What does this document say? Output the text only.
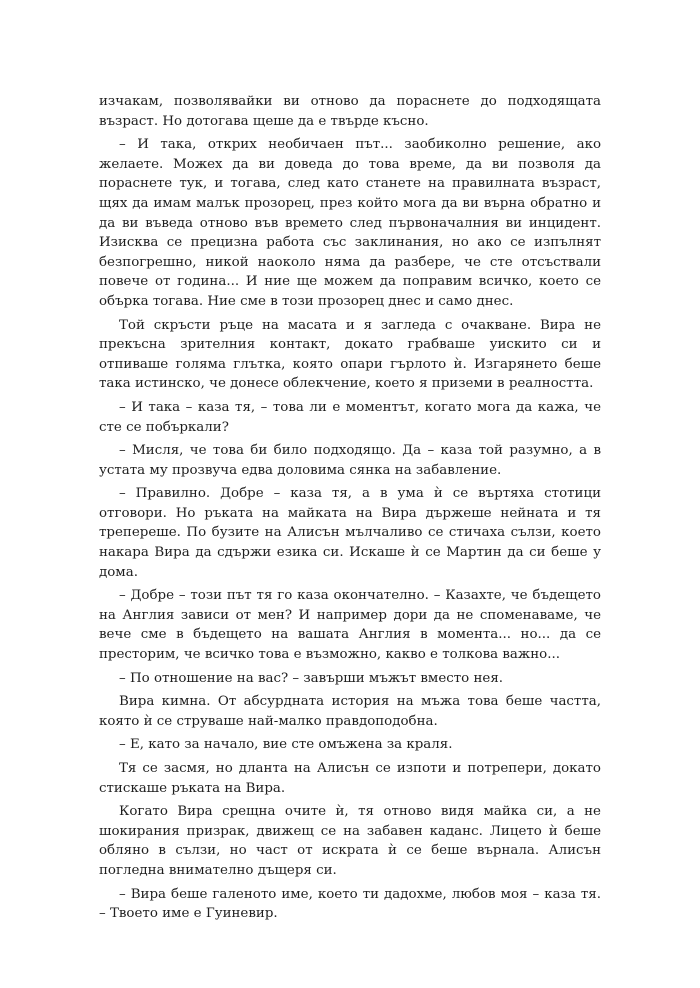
изчакам, позволявайки ви отново да пораснете до подходящата възраст. Но дотогава щеше да е твърде късно.

– И така, открих необичаен път... заобиколно решение, ако желаете. Можех да ви доведа до това време, да ви позволя да пораснете тук, и тогава, след като станете на правилната възраст, щях да имам малък прозорец, през който мога да ви върна обратно и да ви въведа отново във времето след първоначалния ви инцидент. Изисква се прецизна работа със заклинания, но ако се изпълнят безпогрешно, никой наоколо няма да разбере, че сте отсъствали повече от година... И ние ще можем да поправим всичко, което се обърка тогава. Ние сме в този прозорец днес и само днес.

Той скръсти ръце на масата и я загледа с очакване. Вира не прекъсна зрителния контакт, докато грабваше уискито си и отпиваше голяма глътка, която опари гърлото ѝ. Изгарянето беше така истинско, че донесе облекчение, което я приземи в реалността.

– И така – каза тя, – това ли е моментът, когато мога да кажа, че сте се побъркали?

– Мисля, че това би било подходящо. Да – каза той разумно, а в устата му прозвуча едва доловима сянка на забавление.

– Правилно. Добре – каза тя, а в ума ѝ се въртяха стотици отговори. Но ръката на майката на Вира държеше нейната и тя трепереше. По бузите на Алисън мълчаливо се стичаха сълзи, което накара Вира да сдържи езика си. Искаше ѝ се Мартин да си беше у дома.

– Добре – този път тя го каза окончателно. – Казахте, че бъдещето на Англия зависи от мен? И например дори да не споменаваме, че вече сме в бъдещето на вашата Англия в момента... но... да се престорим, че всичко това е възможно, какво е толкова важно...

– По отношение на вас? – завърши мъжът вместо нея.

Вира кимна. От абсурдната история на мъжа това беше частта, която ѝ се струваше най-малко правдоподобна.

– Е, като за начало, вие сте омъжена за краля.

Тя се засмя, но дланта на Алисън се изпоти и потрепери, докато стискаше ръката на Вира.

Когато Вира срещна очите ѝ, тя отново видя майка си, а не шокирания призрак, движещ се на забавен каданс. Лицето ѝ беше обляно в сълзи, но част от искрата ѝ се беше върнала. Алисън погледна внимателно дъщеря си.

– Вира беше галеното име, което ти дадохме, любов моя – каза тя. – Твоето име е Гуиневир.
